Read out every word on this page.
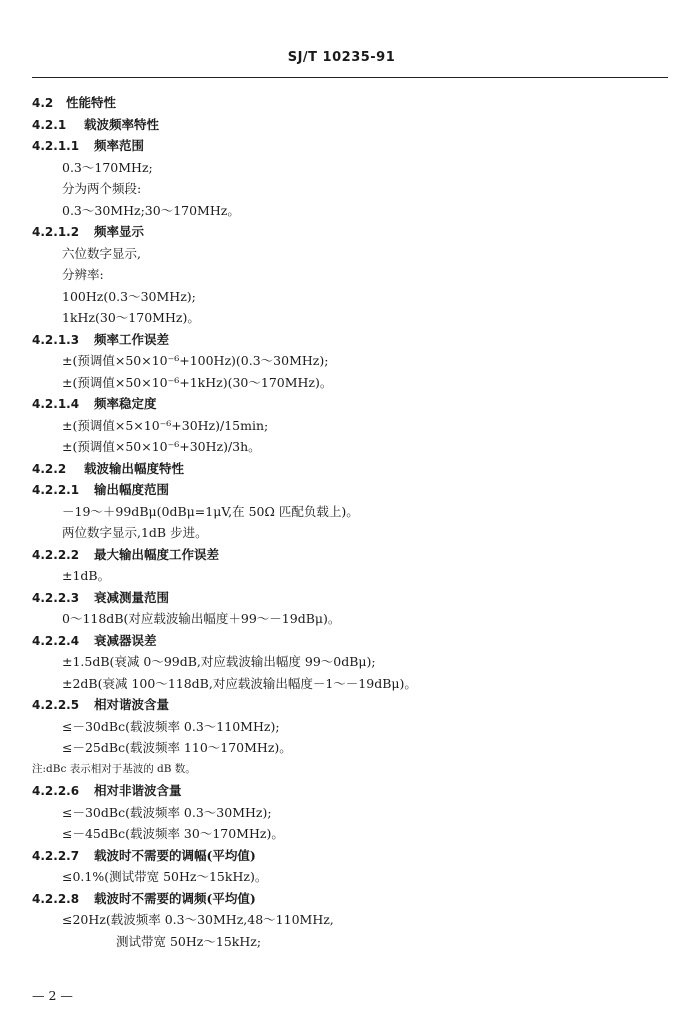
SJ/T 10235-91
4.2 性能特性
4.2.1 载波频率特性
4.2.1.1 频率范围
0.3～170MHz;
分为两个频段:
0.3～30MHz;30～170MHz。
4.2.1.2 频率显示
六位数字显示,
分辨率:
100Hz(0.3～30MHz);
1kHz(30～170MHz)。
4.2.1.3 频率工作误差
±(预调值×50×10⁻⁶+100Hz)(0.3～30MHz);
±(预调值×50×10⁻⁶+1kHz)(30～170MHz)。
4.2.1.4 频率稳定度
±(预调值×5×10⁻⁶+30Hz)/15min;
±(预调值×50×10⁻⁶+30Hz)/3h。
4.2.2 载波输出幅度特性
4.2.2.1 输出幅度范围
－19～＋99dBμ(0dBμ=1μV,在 50Ω 匹配负载上)。
两位数字显示,1dB 步进。
4.2.2.2 最大输出幅度工作误差
±1dB。
4.2.2.3 衰减测量范围
0～118dB(对应载波输出幅度＋99～－19dBμ)。
4.2.2.4 衰减器误差
±1.5dB(衰减 0～99dB,对应载波输出幅度 99～0dBμ);
±2dB(衰减 100～118dB,对应载波输出幅度－1～－19dBμ)。
4.2.2.5 相对谐波含量
≤－30dBc(载波频率 0.3～110MHz);
≤－25dBc(载波频率 110～170MHz)。
注:dBc 表示相对于基波的 dB 数。
4.2.2.6 相对非谐波含量
≤－30dBc(载波频率 0.3～30MHz);
≤－45dBc(载波频率 30～170MHz)。
4.2.2.7 载波时不需要的调幅(平均值)
≤0.1%(测试带宽 50Hz～15kHz)。
4.2.2.8 载波时不需要的调频(平均值)
≤20Hz(载波频率 0.3～30MHz,48～110MHz,
测试带宽 50Hz～15kHz;
— 2 —
